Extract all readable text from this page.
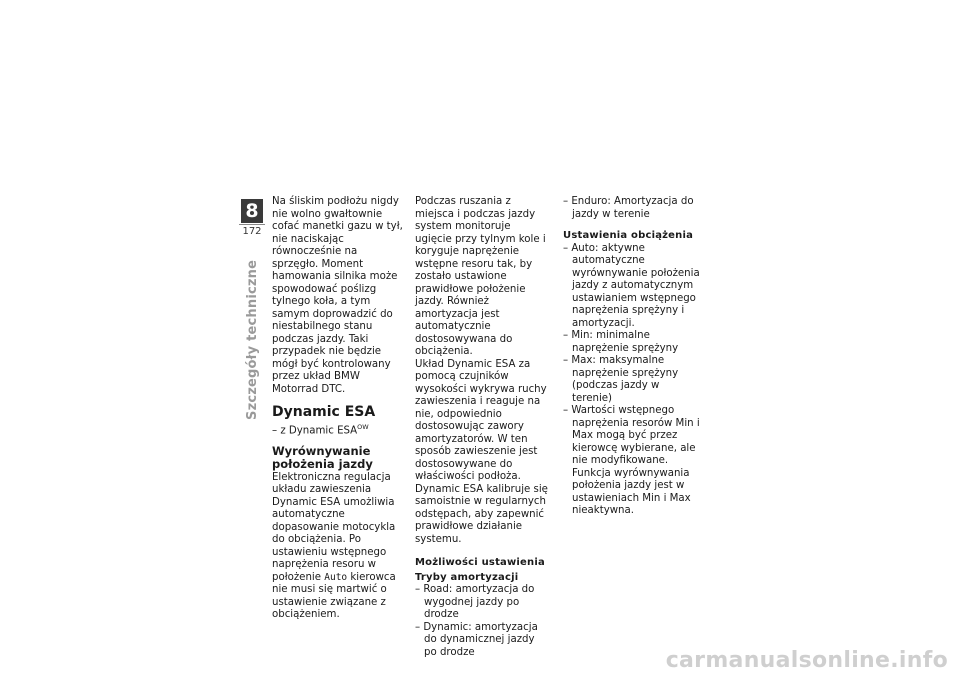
8
172
Szczegóły techniczne

Na śliskim podłożu nigdy nie wolno gwałtownie cofać manetki gazu w tył, nie naciskając równocześnie na sprzęgło. Moment hamowania silnika może spowodować poślizg tylnego koła, a tym samym doprowadzić do niestabilnego stanu podczas jazdy. Taki przypadek nie będzie mógł być kontrolowany przez układ BMW Motorrad DTC.

Dynamic ESA

– z Dynamic $ESA^{OW}$

Wyrównywanie położenia jazdy

Elektroniczna regulacja układu zawieszenia Dynamic ESA umożliwia automatyczne dopasowanie motocykla do obciążenia. Po ustawieniu wstępnego naprężenia resoru w położenie Auto kierowca nie musi się martwić o ustawienie związane z obciążeniem.

Podczas ruszania z miejsca i podczas jazdy system monitoruje ugięcie przy tylnym kole i koryguje naprężenie wstępne resoru tak, by zostało ustawione prawidłowe położenie jazdy. Również amortyzacja jest automatycznie dostosowywana do obciążenia.

Układ Dynamic ESA za pomocą czujników wysokości wykrywa ruchy zawieszenia i reaguje na nie, odpowiednio dostosowując zawory amortyzatorów. W ten sposób zawieszenie jest dostosowywane do właściwości podłoża. Dynamic ESA kalibruje się samoistnie w regularnych odstępach, aby zapewnić prawidłowe działanie systemu.

Możliwości ustawienia
Tryby amortyzacji

– Road: amortyzacja do wygodnej jazdy po drodze

– Dynamic: amortyzacja do dynamicznej jazdy po drodze

– Enduro: Amortyzacja do jazdy w terenie

Ustawienia obciążenia

– Auto: aktywne automatyczne wyrównywanie położenia jazdy z automatycznym ustawianiem wstępnego naprężenia sprężyny i amortyzacji.

– Min: minimalne naprężenie sprężyny

– Max: maksymalne naprężenie sprężyny (podczas jazdy w terenie)

– Wartości wstępnego naprężenia resorów Min i Max mogą być przez kierowcę wybierane, ale nie modyfikowane. Funkcja wyrównywania położenia jazdy jest w ustawieniach Min i Max nieaktywna.

carmanualsonline.info
